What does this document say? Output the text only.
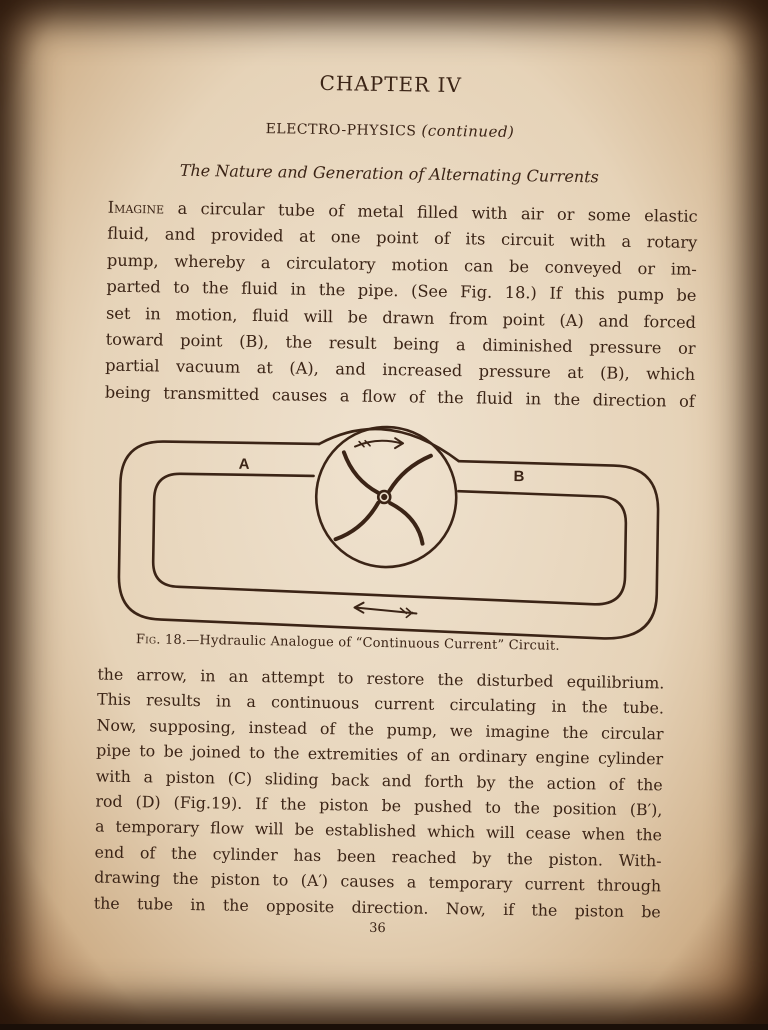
CHAPTER IV
ELECTRO-PHYSICS (continued)
The Nature and Generation of Alternating Currents
Imagine a circular tube of metal filled with air or some elastic
fluid, and provided at one point of its circuit with a rotary
pump, whereby a circulatory motion can be conveyed or im-
parted to the fluid in the pipe. (See Fig. 18.) If this pump be
set in motion, fluid will be drawn from point (A) and forced
toward point (B), the result being a diminished pressure or
partial vacuum at (A), and increased pressure at (B), which
being transmitted causes a flow of the fluid in the direction of
A
B
Fig. 18.—Hydraulic Analogue of “Continuous Current” Circuit.
the arrow, in an attempt to restore the disturbed equilibrium.
This results in a continuous current circulating in the tube.
Now, supposing, instead of the pump, we imagine the circular
pipe to be joined to the extremities of an ordinary engine cylinder
with a piston (C) sliding back and forth by the action of the
rod (D) (Fig.19). If the piston be pushed to the position (B′),
a temporary flow will be established which will cease when the
end of the cylinder has been reached by the piston. With-
drawing the piston to (A′) causes a temporary current through
the tube in the opposite direction. Now, if the piston be
36
